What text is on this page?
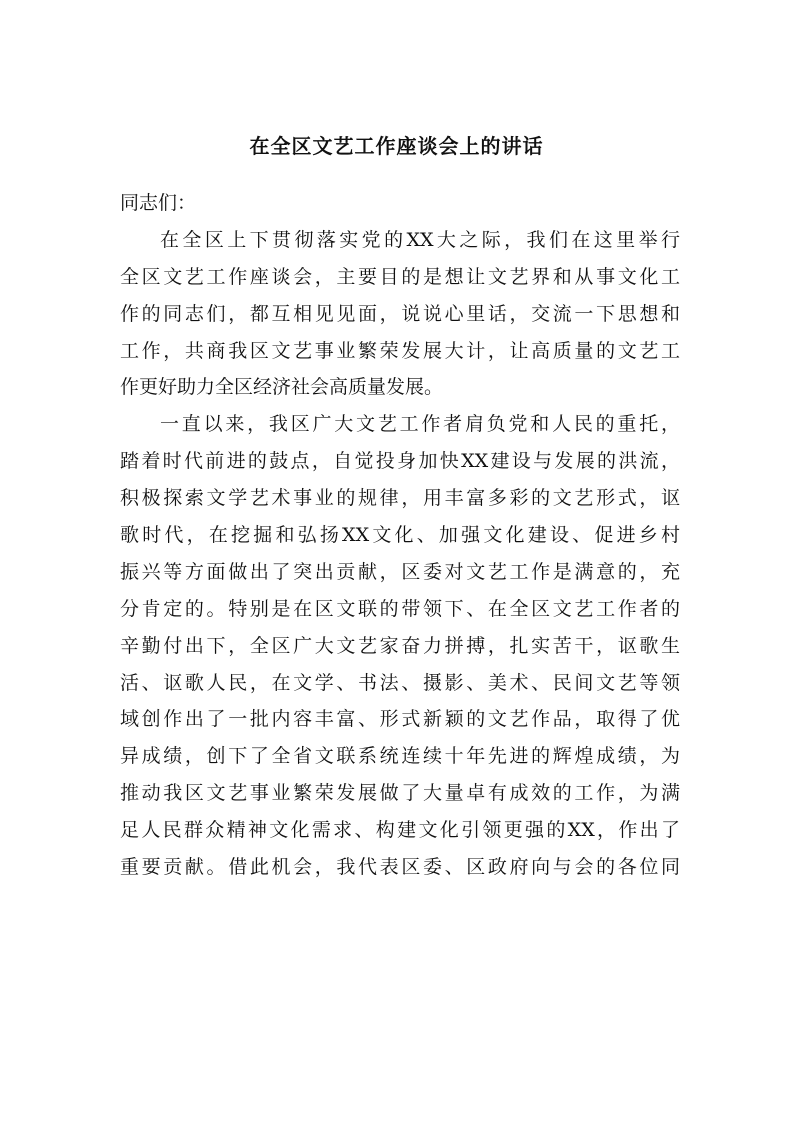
在全区文艺工作座谈会上的讲话
同志们：
在全区上下贯彻落实党的XX大之际，我们在这里举行
全区文艺工作座谈会，主要目的是想让文艺界和从事文化工
作的同志们，都互相见见面，说说心里话，交流一下思想和
工作，共商我区文艺事业繁荣发展大计，让高质量的文艺工
作更好助力全区经济社会高质量发展。
一直以来，我区广大文艺工作者肩负党和人民的重托，
踏着时代前进的鼓点，自觉投身加快XX建设与发展的洪流，
积极探索文学艺术事业的规律，用丰富多彩的文艺形式，讴
歌时代，在挖掘和弘扬XX文化、加强文化建设、促进乡村
振兴等方面做出了突出贡献，区委对文艺工作是满意的，充
分肯定的。特别是在区文联的带领下、在全区文艺工作者的
辛勤付出下，全区广大文艺家奋力拼搏，扎实苦干，讴歌生
活、讴歌人民，在文学、书法、摄影、美术、民间文艺等领
域创作出了一批内容丰富、形式新颖的文艺作品，取得了优
异成绩，创下了全省文联系统连续十年先进的辉煌成绩，为
推动我区文艺事业繁荣发展做了大量卓有成效的工作，为满
足人民群众精神文化需求、构建文化引领更强的XX，作出了
重要贡献。借此机会，我代表区委、区政府向与会的各位同
